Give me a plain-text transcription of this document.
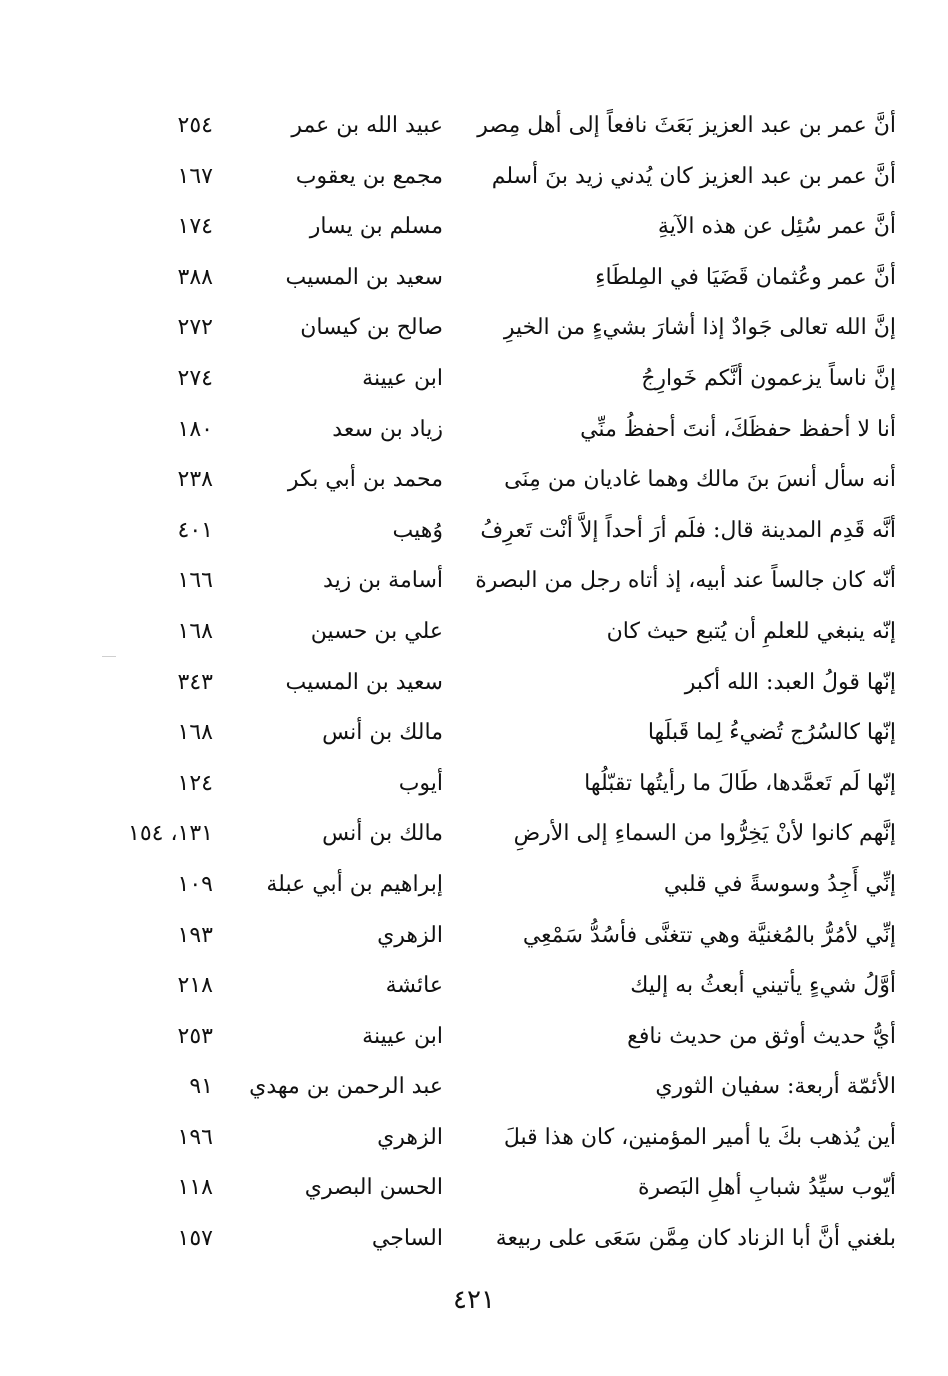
أنَّ عمر بن عبد العزيز بَعَثَ نافعاً إلى أهل مِصر
عبيد الله بن عمر
٢٥٤
أنَّ عمر بن عبد العزيز كان يُدني زيد بنَ أسلم
مجمع بن يعقوب
١٦٧
أنَّ عمر سُئِل عن هذه الآيةِ
مسلم بن يسار
١٧٤
أنَّ عمر وعُثمان قَضَيَا في المِلطَاءِ
سعيد بن المسيب
٣٨٨
إنَّ الله تعالى جَوادٌ إذا أشارَ بشيءٍ من الخيرِ
صالح بن كيسان
٢٧٢
إنَّ ناساً يزعمون أنَّكم خَوارِجُ
ابن عيينة
٢٧٤
أنا لا أحفظ حفظَكَ، أنتَ أحفظُ منِّي
زياد بن سعد
١٨٠
أنه سأل أنسَ بنَ مالك وهما غاديان من مِنَى
محمد بن أبي بكر
٢٣٨
أنَّه قَدِم المدينة قال: فلَم أرَ أحداً إلاَّ أنْت تَعرِفُ
وُهيب
٤٠١
أنّه كان جالساً عند أبيه، إذ أتاه رجل من البصرة
أسامة بن زيد
١٦٦
إنّه ينبغي للعلمِ أن يُتبع حيث كان
علي بن حسين
١٦٨
إنّها قولُ العبد: الله أكبر
سعيد بن المسيب
٣٤٣
إنّها كالسُرُج تُضيءُ لِما قَبلَها
مالك بن أنس
١٦٨
إنّها لَم تَعمَّدها، طَالَ ما رأيتُها تقبّلُها
أيوب
١٢٤
إنَّهم كانوا لأنْ يَخِرُّوا من السماءِ إلى الأرضِ
مالك بن أنس
١٣١، ١٥٤
إنِّي أَجِدُ وسوسةً في قلبي
إبراهيم بن أبي عبلة
١٠٩
إنِّي لأمُرُّ بالمُغنيَّة وهي تتغنَّى فأسُدُّ سَمْعِي
الزهري
١٩٣
أوَّلُ شيءٍ يأتيني أبعثُ به إليك
عائشة
٢١٨
أيُّ حديث أوثق من حديث نافع
ابن عيينة
٢٥٣
الأئمّة أربعة: سفيان الثوري
عبد الرحمن بن مهدي
٩١
أين يُذهب بكَ يا أمير المؤمنين، كان هذا قبلَ
الزهري
١٩٦
أيّوب سيِّدُ شبابِ أهلِ البَصرة
الحسن البصري
١١٨
بلغني أنَّ أبا الزناد كان مِمَّن سَعَى على ربيعة
الساجي
١٥٧
٤٢١
